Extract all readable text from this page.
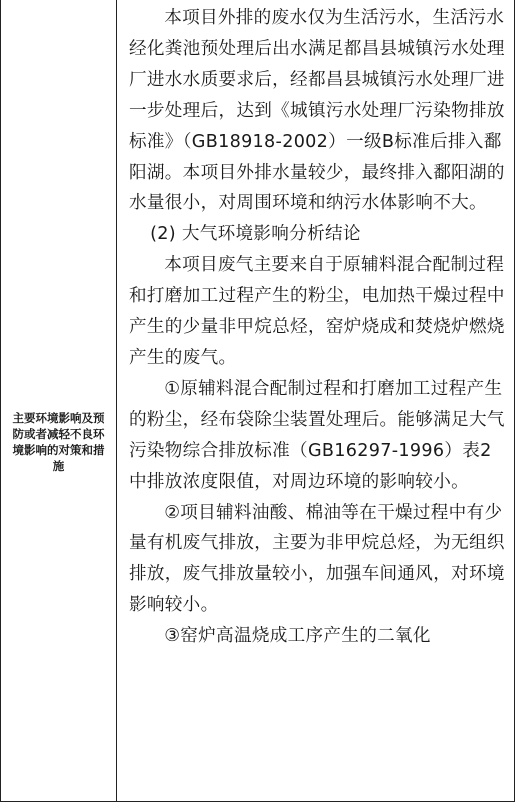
主要环境影响及预防或者减轻不良环境影响的对策和措施

本项目外排的废水仅为生活污水，生活污水经化粪池预处理后出水满足都昌县城镇污水处理厂进水水质要求后，经都昌县城镇污水处理厂进一步处理后，达到《城镇污水处理厂污染物排放标准》（GB18918-2002）一级B标准后排入鄱阳湖。本项目外排水量较少，最终排入鄱阳湖的水量很小，对周围环境和纳污水体影响不大。

(2) 大气环境影响分析结论

本项目废气主要来自于原辅料混合配制过程和打磨加工过程产生的粉尘，电加热干燥过程中产生的少量非甲烷总烃，窑炉烧成和焚烧炉燃烧产生的废气。

①原辅料混合配制过程和打磨加工过程产生的粉尘，经布袋除尘装置处理后。能够满足大气污染物综合排放标准（GB16297-1996）表2中排放浓度限值，对周边环境的影响较小。

②项目辅料油酸、棉油等在干燥过程中有少量有机废气排放，主要为非甲烷总烃，为无组织排放，废气排放量较小，加强车间通风，对环境影响较小。

③窑炉高温烧成工序产生的二氧化
